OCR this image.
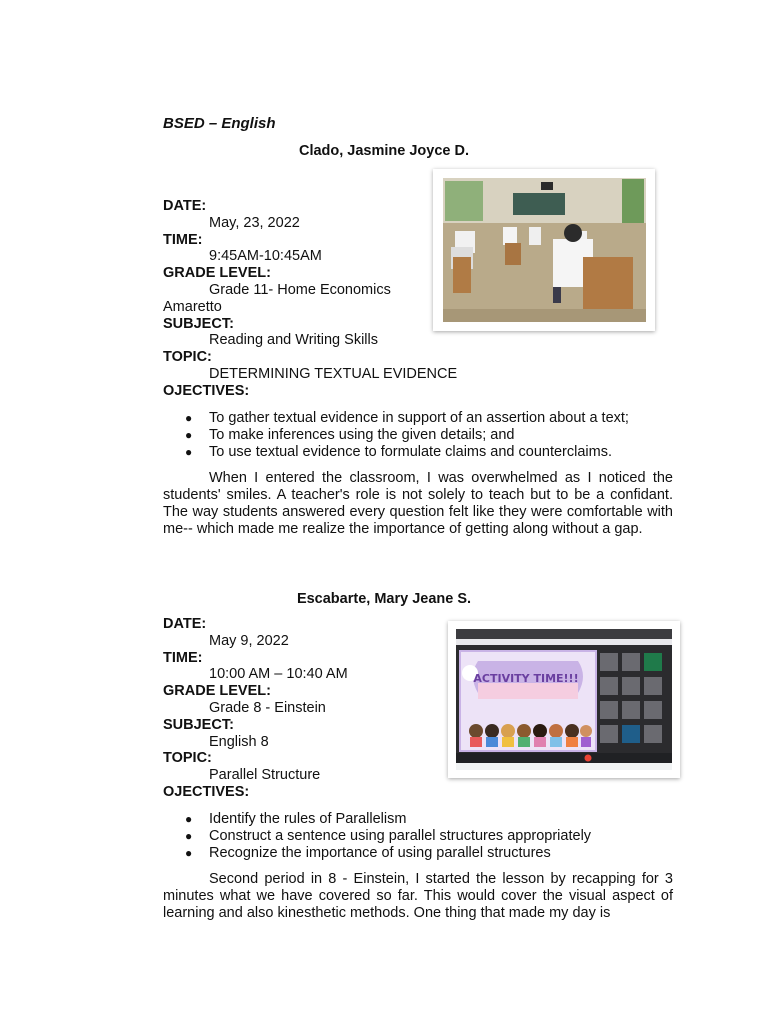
BSED – English
Clado, Jasmine Joyce D.
DATE:
May, 23, 2022
TIME:
9:45AM-10:45AM
GRADE LEVEL:
Grade 11- Home Economics
Amaretto
SUBJECT:
Reading and Writing Skills
TOPIC:
DETERMINING TEXTUAL EVIDENCE
OJECTIVES:
● To gather textual evidence in support of an assertion about a text;
● To make inferences using the given details; and
● To use textual evidence to formulate claims and counterclaims.
When I entered the classroom, I was overwhelmed as I noticed the students' smiles. A teacher's role is not solely to teach but to be a confidant. The way students answered every question felt like they were comfortable with me-- which made me realize the importance of getting along without a gap.
Escabarte, Mary Jeane S.
DATE:
May 9, 2022
TIME:
10:00 AM – 10:40 AM
GRADE LEVEL:
Grade 8 - Einstein
SUBJECT:
English 8
TOPIC:
Parallel Structure
OJECTIVES:
● Identify the rules of Parallelism
● Construct a sentence using parallel structures appropriately
● Recognize the importance of using parallel structures
Second period in 8 - Einstein, I started the lesson by recapping for 3 minutes what we have covered so far. This would cover the visual aspect of learning and also kinesthetic methods. One thing that made my day is
ACTIVITY TIME!!!
